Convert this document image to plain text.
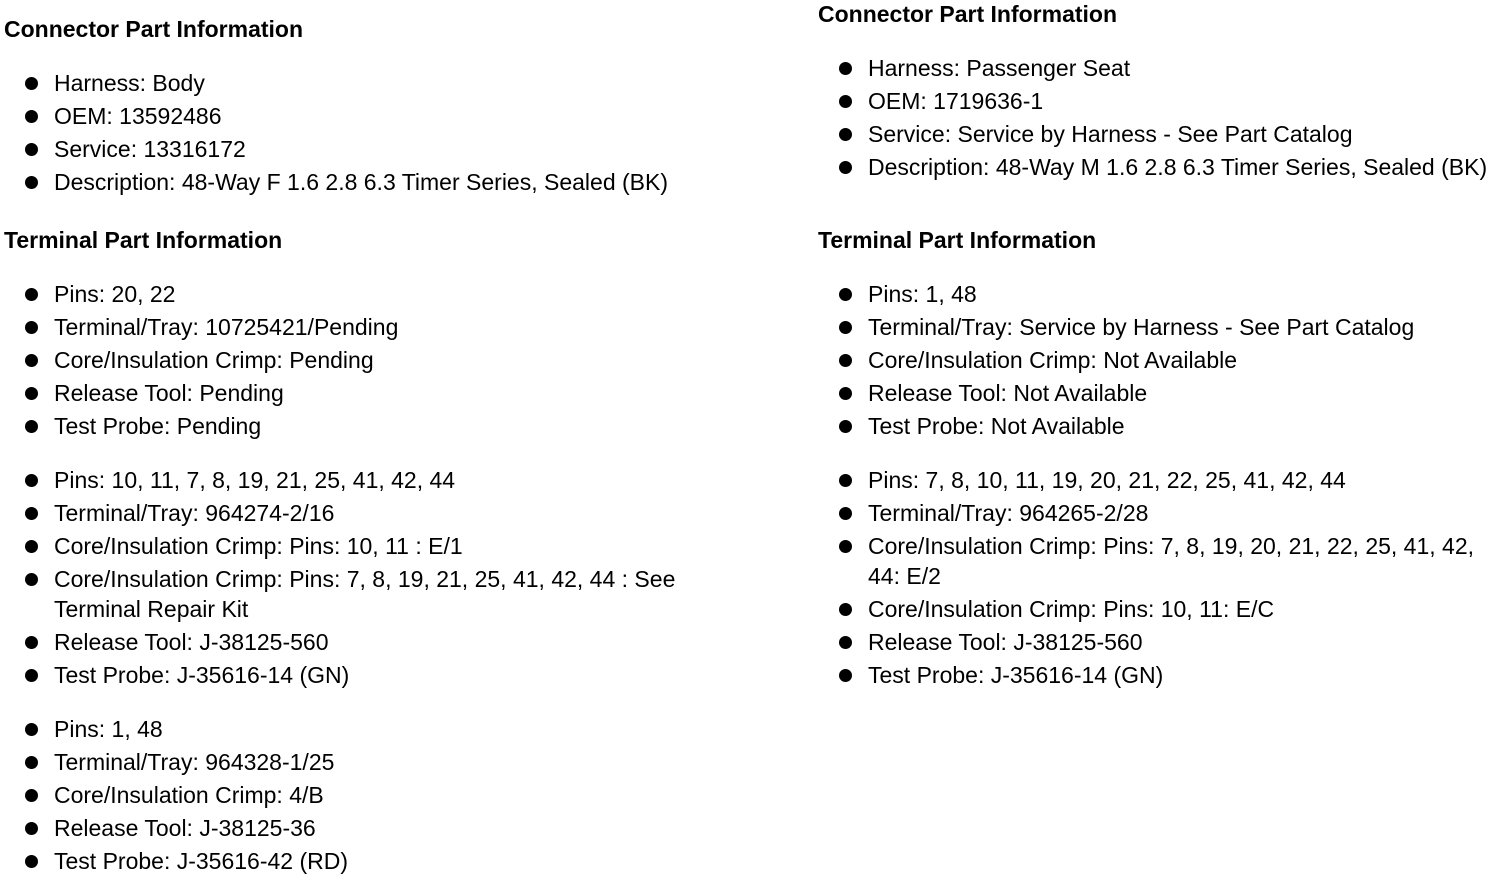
Connector Part Information
Harness: Body
OEM: 13592486
Service: 13316172
Description: 48-Way F 1.6 2.8 6.3 Timer Series, Sealed (BK)
Terminal Part Information
Pins: 20, 22
Terminal/Tray: 10725421/Pending
Core/Insulation Crimp: Pending
Release Tool: Pending
Test Probe: Pending
Pins: 10, 11, 7, 8, 19, 21, 25, 41, 42, 44
Terminal/Tray: 964274-2/16
Core/Insulation Crimp: Pins: 10, 11 : E/1
Core/Insulation Crimp: Pins: 7, 8, 19, 21, 25, 41, 42, 44 : See Terminal Repair Kit
Release Tool: J-38125-560
Test Probe: J-35616-14 (GN)
Pins: 1, 48
Terminal/Tray: 964328-1/25
Core/Insulation Crimp: 4/B
Release Tool: J-38125-36
Test Probe: J-35616-42 (RD)
Connector Part Information
Harness: Passenger Seat
OEM: 1719636-1
Service: Service by Harness - See Part Catalog
Description: 48-Way M 1.6 2.8 6.3 Timer Series, Sealed (BK)
Terminal Part Information
Pins: 1, 48
Terminal/Tray: Service by Harness - See Part Catalog
Core/Insulation Crimp: Not Available
Release Tool: Not Available
Test Probe: Not Available
Pins: 7, 8, 10, 11, 19, 20, 21, 22, 25, 41, 42, 44
Terminal/Tray: 964265-2/28
Core/Insulation Crimp: Pins: 7, 8, 19, 20, 21, 22, 25, 41, 42, 44: E/2
Core/Insulation Crimp: Pins: 10, 11: E/C
Release Tool: J-38125-560
Test Probe: J-35616-14 (GN)
